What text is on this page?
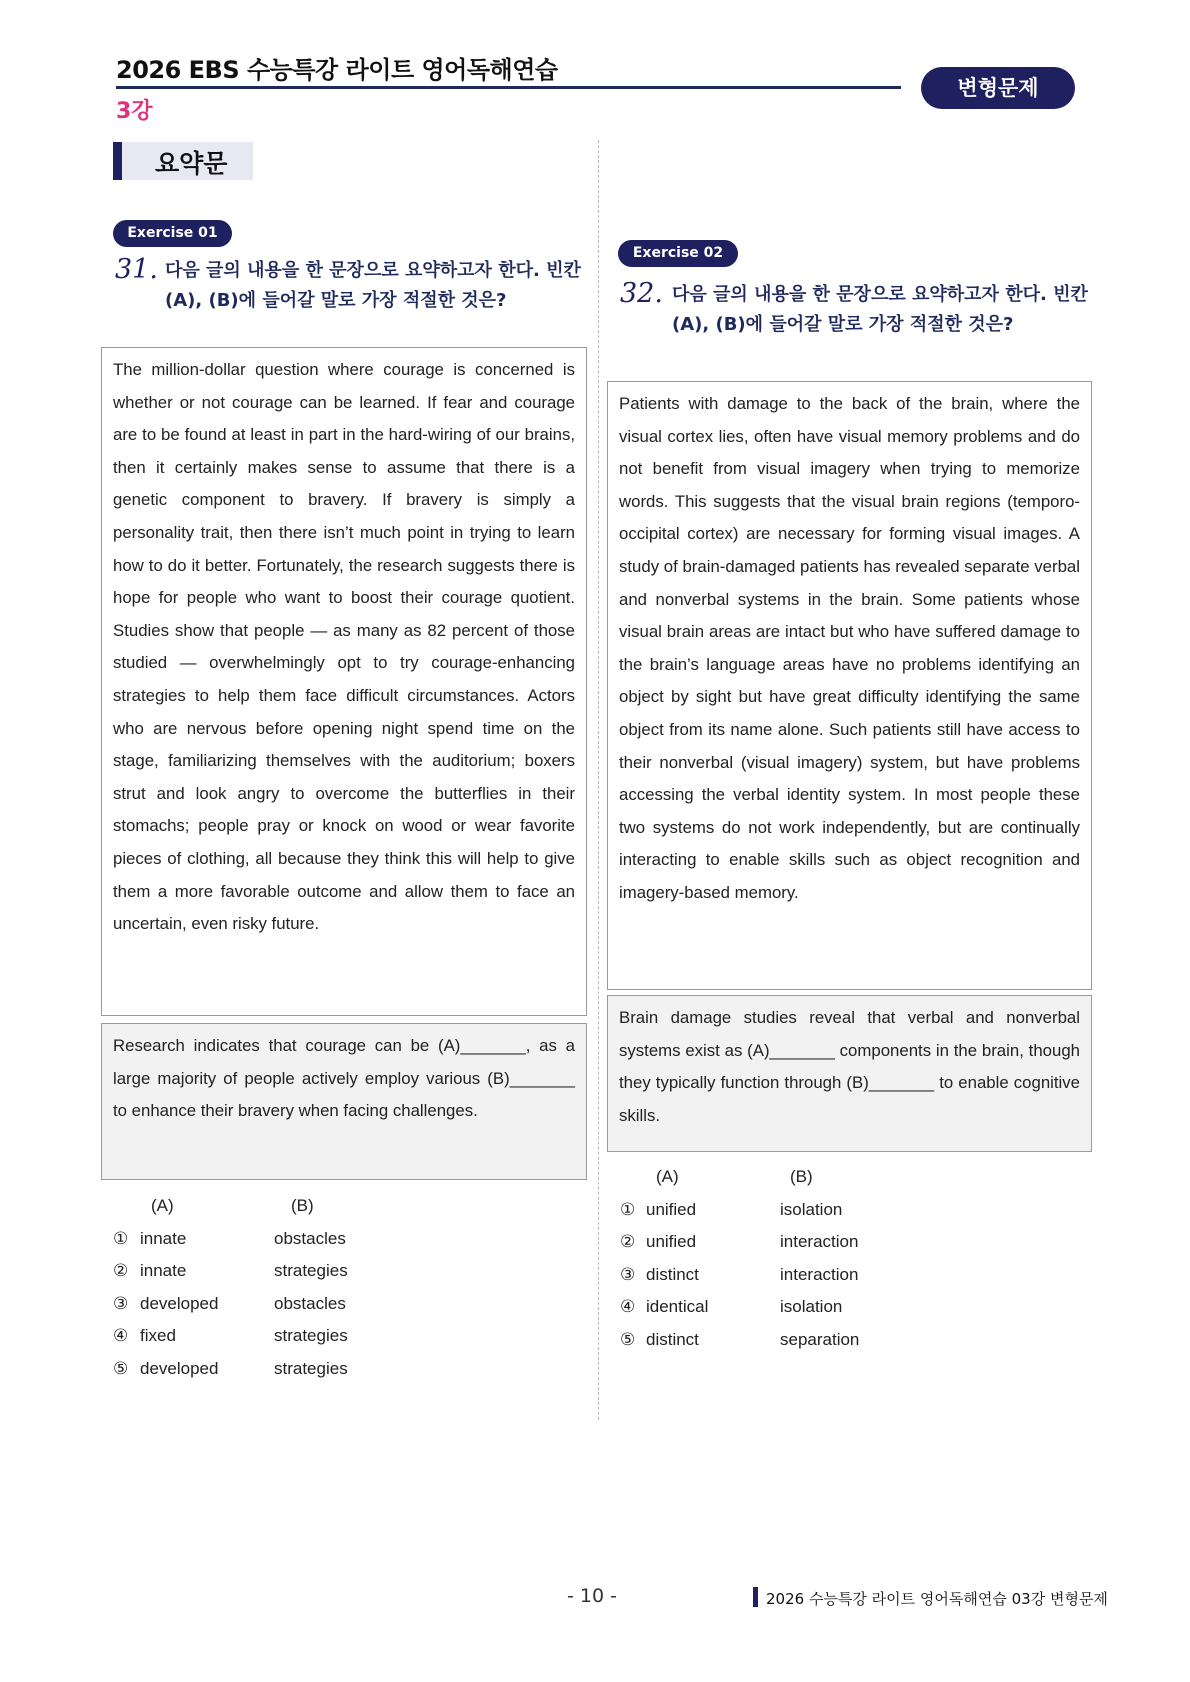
2026 EBS 수능특강 라이트 영어독해연습
3강
변형문제
요약문
Exercise 01
31. 다음 글의 내용을 한 문장으로 요약하고자 한다. 빈칸 (A), (B)에 들어갈 말로 가장 적절한 것은?

The million-dollar question where courage is concerned is whether or not courage can be learned. If fear and courage are to be found at least in part in the hard-wiring of our brains, then it certainly makes sense to assume that there is a genetic component to bravery. If bravery is simply a personality trait, then there isn’t much point in trying to learn how to do it better. Fortunately, the research suggests there is hope for people who want to boost their courage quotient. Studies show that people — as many as 82 percent of those studied — overwhelmingly opt to try courage-enhancing strategies to help them face difficult circumstances. Actors who are nervous before opening night spend time on the stage, familiarizing themselves with the auditorium; boxers strut and look angry to overcome the butterflies in their stomachs; people pray or knock on wood or wear favorite pieces of clothing, all because they think this will help to give them a more favorable outcome and allow them to face an uncertain, even risky future.

Research indicates that courage can be (A)_______, as a large majority of people actively employ various (B)_______ to enhance their bravery when facing challenges.

(A)	(B)
① innate	obstacles
② innate	strategies
③ developed	obstacles
④ fixed	strategies
⑤ developed	strategies
Exercise 02
32. 다음 글의 내용을 한 문장으로 요약하고자 한다. 빈칸 (A), (B)에 들어갈 말로 가장 적절한 것은?

Patients with damage to the back of the brain, where the visual cortex lies, often have visual memory problems and do not benefit from visual imagery when trying to memorize words. This suggests that the visual brain regions (temporo-occipital cortex) are necessary for forming visual images. A study of brain-damaged patients has revealed separate verbal and nonverbal systems in the brain. Some patients whose visual brain areas are intact but who have suffered damage to the brain’s language areas have no problems identifying an object by sight but have great difficulty identifying the same object from its name alone. Such patients still have access to their nonverbal (visual imagery) system, but have problems accessing the verbal identity system. In most people these two systems do not work independently, but are continually interacting to enable skills such as object recognition and imagery-based memory.

Brain damage studies reveal that verbal and nonverbal systems exist as (A)_______ components in the brain, though they typically function through (B)_______ to enable cognitive skills.

(A)	(B)
① unified	isolation
② unified	interaction
③ distinct	interaction
④ identical	isolation
⑤ distinct	separation
- 10 -	2026 수능특강 라이트 영어독해연습 03강 변형문제
